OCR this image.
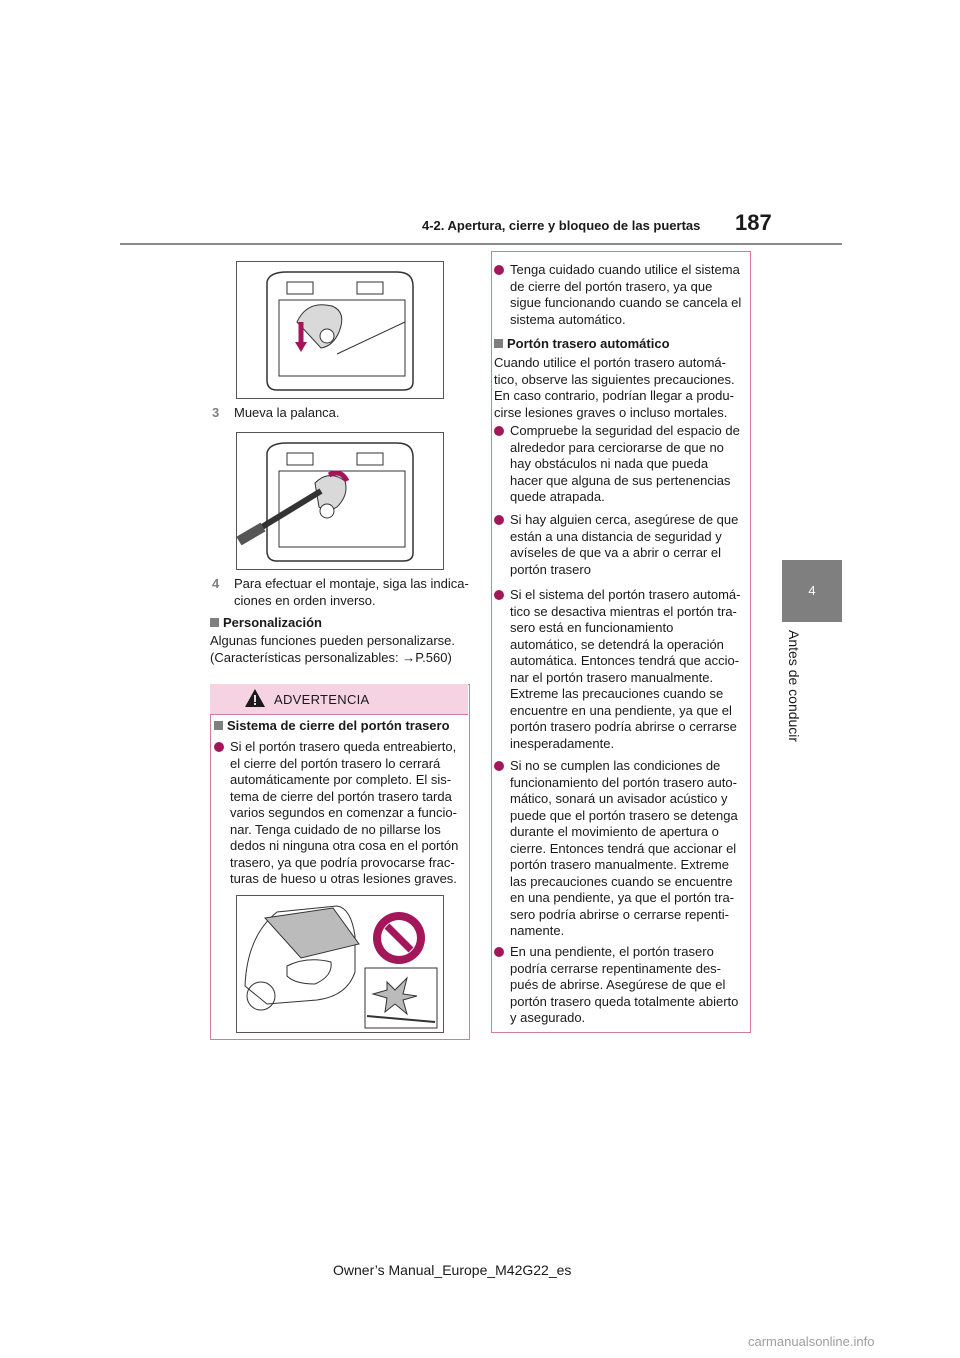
4-2. Apertura, cierre y bloqueo de las puertas 187
4
Antes de conducir
3 Mueva la palanca.
4 Para efectuar el montaje, siga las indica-
ciones en orden inverso.
Personalización
Algunas funciones pueden personalizarse.
(Características personalizables: →P.560)
ADVERTENCIA
Sistema de cierre del portón trasero
Si el portón trasero queda entreabierto,
el cierre del portón trasero lo cerrará
automáticamente por completo. El sis-
tema de cierre del portón trasero tarda
varios segundos en comenzar a funcio-
nar. Tenga cuidado de no pillarse los
dedos ni ninguna otra cosa en el portón
trasero, ya que podría provocarse frac-
turas de hueso u otras lesiones graves.
Tenga cuidado cuando utilice el sistema
de cierre del portón trasero, ya que
sigue funcionando cuando se cancela el
sistema automático.
Portón trasero automático
Cuando utilice el portón trasero automá-
tico, observe las siguientes precauciones.
En caso contrario, podrían llegar a produ-
cirse lesiones graves o incluso mortales.
Compruebe la seguridad del espacio de
alrededor para cerciorarse de que no
hay obstáculos ni nada que pueda
hacer que alguna de sus pertenencias
quede atrapada.
Si hay alguien cerca, asegúrese de que
están a una distancia de seguridad y
avíseles de que va a abrir o cerrar el
portón trasero
Si el sistema del portón trasero automá-
tico se desactiva mientras el portón tra-
sero está en funcionamiento
automático, se detendrá la operación
automática. Entonces tendrá que accio-
nar el portón trasero manualmente.
Extreme las precauciones cuando se
encuentre en una pendiente, ya que el
portón trasero podría abrirse o cerrarse
inesperadamente.
Si no se cumplen las condiciones de
funcionamiento del portón trasero auto-
mático, sonará un avisador acústico y
puede que el portón trasero se detenga
durante el movimiento de apertura o
cierre. Entonces tendrá que accionar el
portón trasero manualmente. Extreme
las precauciones cuando se encuentre
en una pendiente, ya que el portón tra-
sero podría abrirse o cerrarse repenti-
namente.
En una pendiente, el portón trasero
podría cerrarse repentinamente des-
pués de abrirse. Asegúrese de que el
portón trasero queda totalmente abierto
y asegurado.
Owner’s Manual_Europe_M42G22_es
carmanualsonline.info
